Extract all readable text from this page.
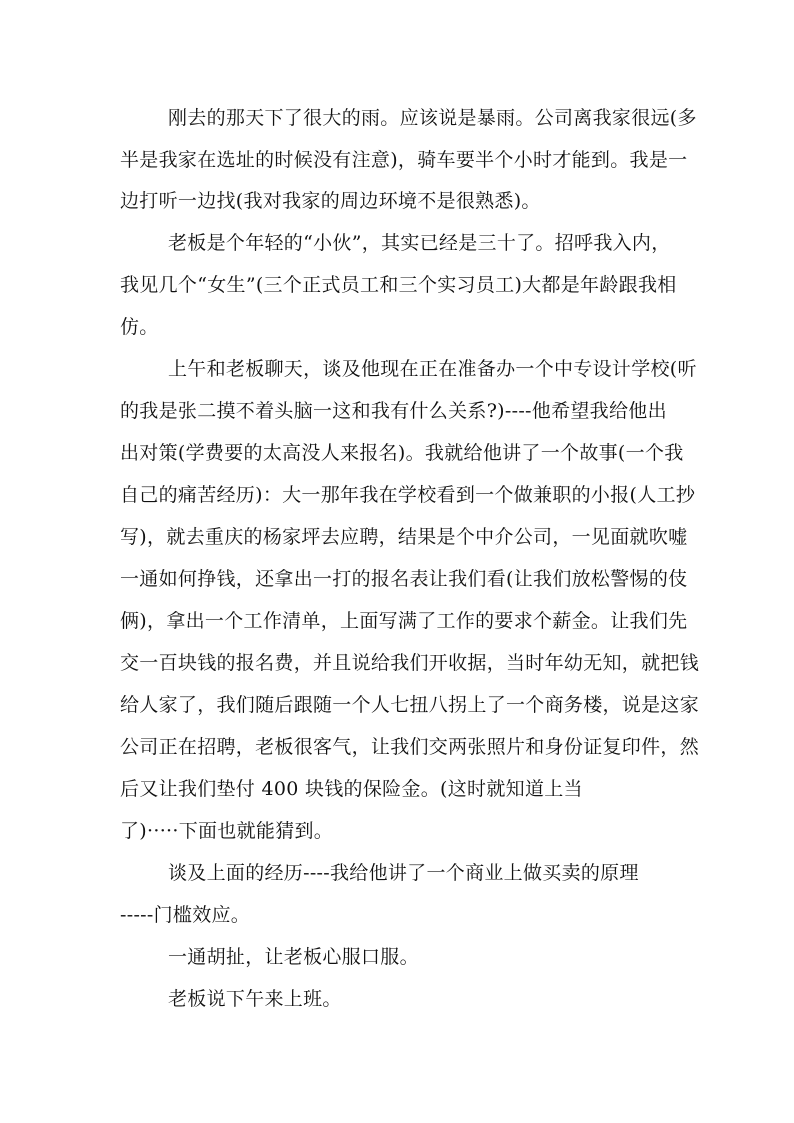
刚去的那天下了很大的雨。应该说是暴雨。公司离我家很远(多
半是我家在选址的时候没有注意)，骑车要半个小时才能到。我是一
边打听一边找(我对我家的周边环境不是很熟悉)。
老板是个年轻的“小伙”，其实已经是三十了。招呼我入内，
我见几个“女生”(三个正式员工和三个实习员工)大都是年龄跟我相
仿。
上午和老板聊天，谈及他现在正在准备办一个中专设计学校(听
的我是张二摸不着头脑一这和我有什么关系?)----他希望我给他出
出对策(学费要的太高没人来报名)。我就给他讲了一个故事(一个我
自己的痛苦经历)：大一那年我在学校看到一个做兼职的小报(人工抄
写)，就去重庆的杨家坪去应聘，结果是个中介公司，一见面就吹嘘
一通如何挣钱，还拿出一打的报名表让我们看(让我们放松警惕的伎
俩)，拿出一个工作清单，上面写满了工作的要求个薪金。让我们先
交一百块钱的报名费，并且说给我们开收据，当时年幼无知，就把钱
给人家了，我们随后跟随一个人七扭八拐上了一个商务楼，说是这家
公司正在招聘，老板很客气，让我们交两张照片和身份证复印件，然
后又让我们垫付 400 块钱的保险金。(这时就知道上当
了)·····下面也就能猜到。
谈及上面的经历----我给他讲了一个商业上做买卖的原理
-----门槛效应。
一通胡扯，让老板心服口服。
老板说下午来上班。
